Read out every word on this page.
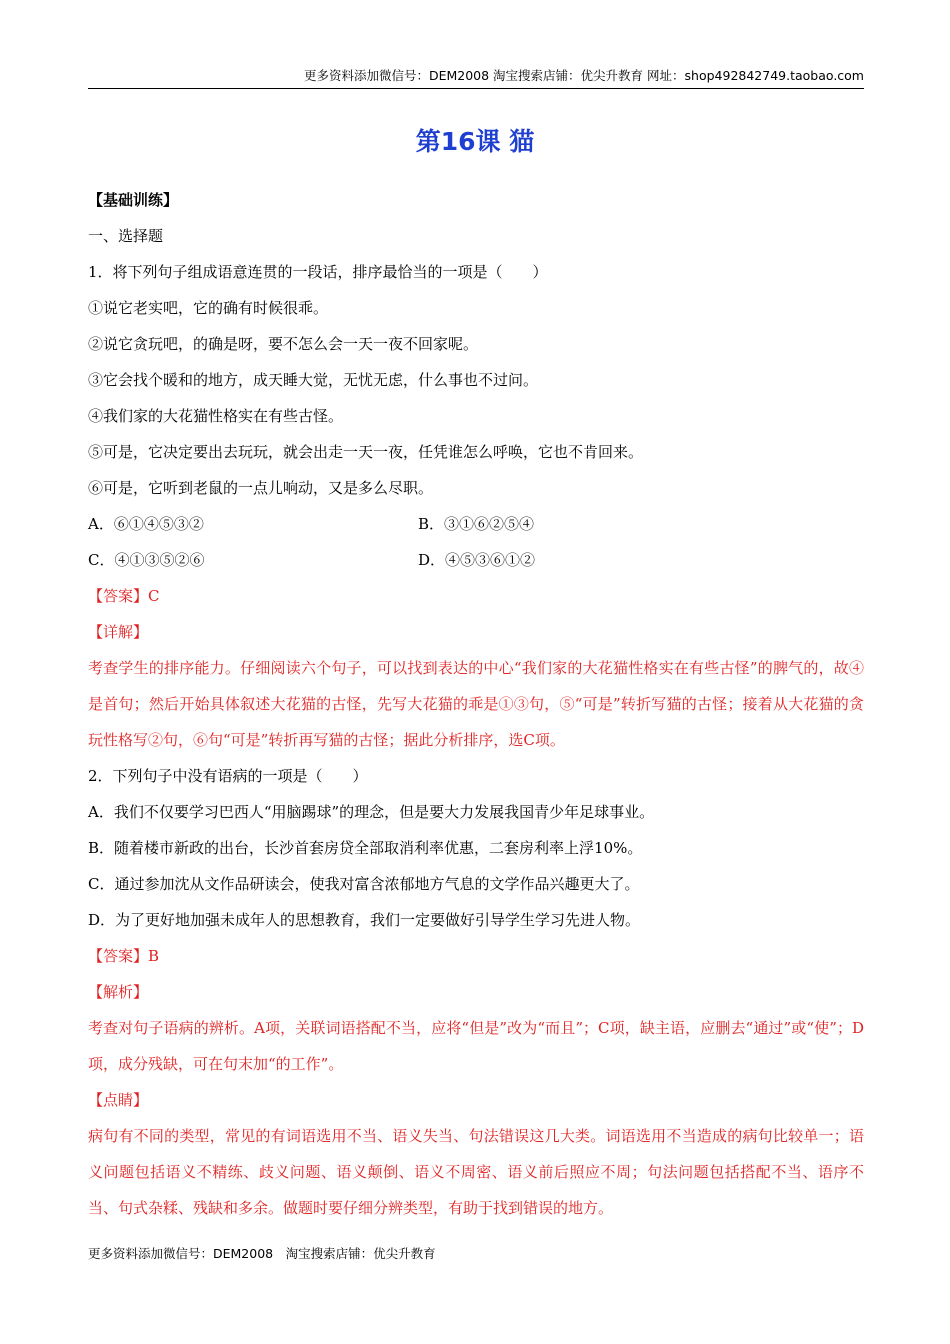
更多资料添加微信号：DEM2008 淘宝搜索店铺：优尖升教育 网址：shop492842749.taobao.com
第16课 猫
【基础训练】
一、选择题
1．将下列句子组成语意连贯的一段话，排序最恰当的一项是（　　）
①说它老实吧，它的确有时候很乖。
②说它贪玩吧，的确是呀，要不怎么会一天一夜不回家呢。
③它会找个暖和的地方，成天睡大觉，无忧无虑，什么事也不过问。
④我们家的大花猫性格实在有些古怪。
⑤可是，它决定要出去玩玩，就会出走一天一夜，任凭谁怎么呼唤，它也不肯回来。
⑥可是，它听到老鼠的一点儿响动，又是多么尽职。
A．⑥①④⑤③②	B．③①⑥②⑤④
C．④①③⑤②⑥	D．④⑤③⑥①②
【答案】C
【详解】
考查学生的排序能力。仔细阅读六个句子，可以找到表达的中心“我们家的大花猫性格实在有些古怪”的脾气的，故④是首句；然后开始具体叙述大花猫的古怪，先写大花猫的乖是①③句，⑤“可是”转折写猫的古怪；接着从大花猫的贪玩性格写②句，⑥句“可是”转折再写猫的古怪；据此分析排序，选C项。
2．下列句子中没有语病的一项是（　　）
A．我们不仅要学习巴西人“用脑踢球”的理念，但是要大力发展我国青少年足球事业。
B．随着楼市新政的出台，长沙首套房贷全部取消利率优惠，二套房利率上浮10%。
C．通过参加沈从文作品研读会，使我对富含浓郁地方气息的文学作品兴趣更大了。
D．为了更好地加强未成年人的思想教育，我们一定要做好引导学生学习先进人物。
【答案】B
【解析】
考查对句子语病的辨析。A项，关联词语搭配不当，应将“但是”改为“而且”；C项，缺主语，应删去“通过”或“使”；D项，成分残缺，可在句末加“的工作”。
【点睛】
病句有不同的类型，常见的有词语选用不当、语义失当、句法错误这几大类。词语选用不当造成的病句比较单一；语义问题包括语义不精练、歧义问题、语义颠倒、语义不周密、语义前后照应不周；句法问题包括搭配不当、语序不当、句式杂糅、残缺和多余。做题时要仔细分辨类型，有助于找到错误的地方。
更多资料添加微信号：DEM2008　淘宝搜索店铺：优尖升教育
